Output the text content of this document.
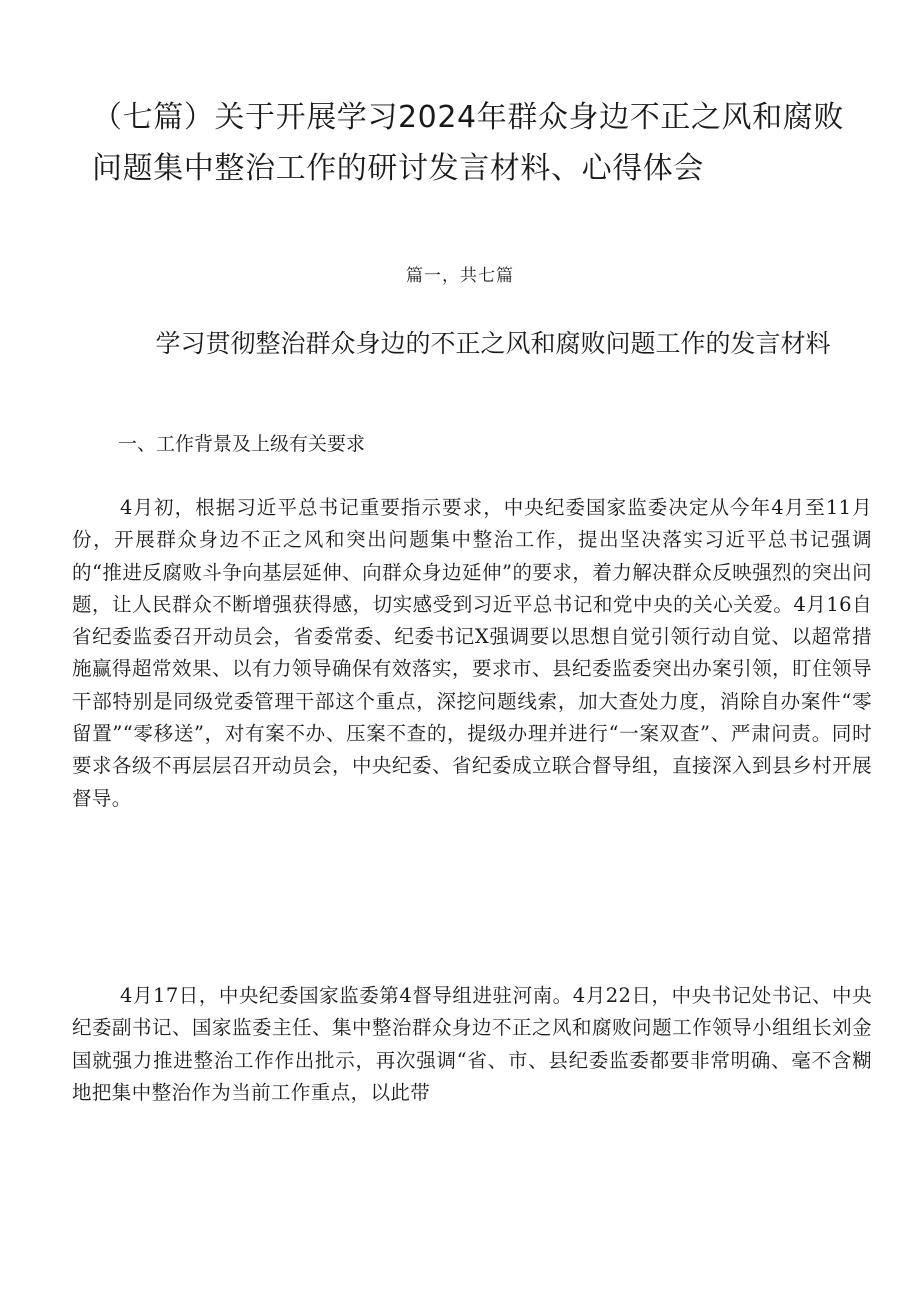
（七篇）关于开展学习2024年群众身边不正之风和腐败问题集中整治工作的研讨发言材料、心得体会
篇一，共七篇
学习贯彻整治群众身边的不正之风和腐败问题工作的发言材料
一、工作背景及上级有关要求

4月初，根据习近平总书记重要指示要求，中央纪委国家监委决定从今年4月至11月份，开展群众身边不正之风和突出问题集中整治工作，提出坚决落实习近平总书记强调的“推进反腐败斗争向基层延伸、向群众身边延伸”的要求，着力解决群众反映强烈的突出问题，让人民群众不断增强获得感，切实感受到习近平总书记和党中央的关心关爱。4月16自省纪委监委召开动员会，省委常委、纪委书记X强调要以思想自觉引领行动自觉、以超常措施赢得超常效果、以有力领导确保有效落实，要求市、县纪委监委突出办案引领，盯住领导干部特别是同级党委管理干部这个重点，深挖问题线索，加大查处力度，消除自办案件“零留置”“零移送”，对有案不办、压案不查的，提级办理并进行“一案双查”、严肃问责。同时要求各级不再层层召开动员会，中央纪委、省纪委成立联合督导组，直接深入到县乡村开展督导。

4月17日，中央纪委国家监委第4督导组进驻河南。4月22日，中央书记处书记、中央纪委副书记、国家监委主任、集中整治群众身边不正之风和腐败问题工作领导小组组长刘金国就强力推进整治工作作出批示，再次强调“省、市、县纪委监委都要非常明确、毫不含糊地把集中整治作为当前工作重点，以此带
